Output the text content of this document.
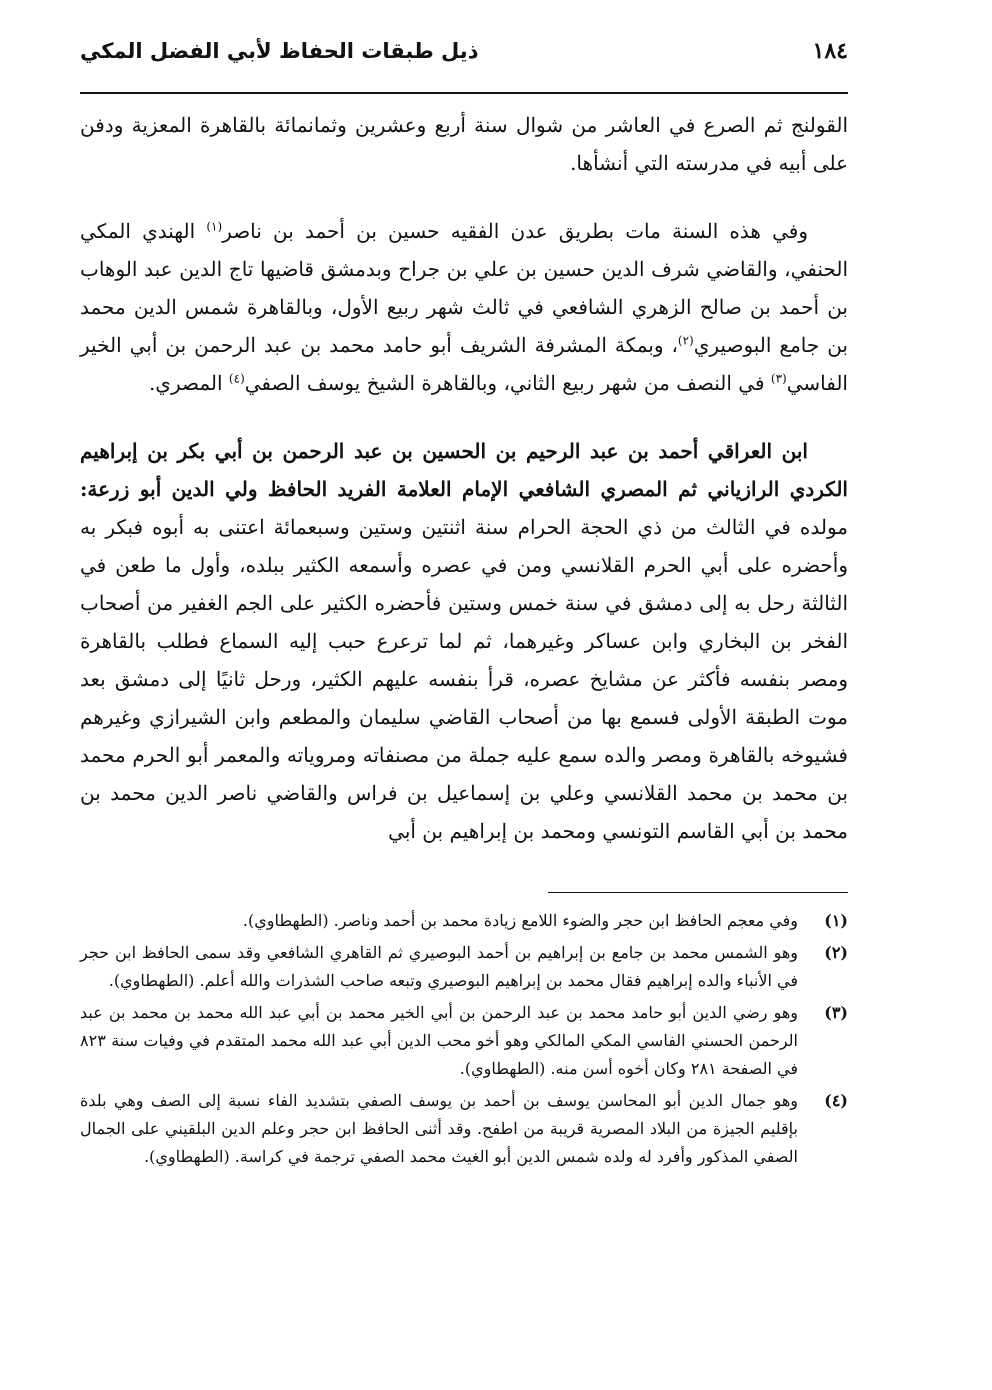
١٨٤
ذيل طبقات الحفاظ لأبي الفضل المكي

القولنج ثم الصرع في العاشر من شوال سنة أربع وعشرين وثمانمائة بالقاهرة المعزية ودفن على أبيه في مدرسته التي أنشأها.

وفي هذه السنة مات بطريق عدن الفقيه حسين بن أحمد بن ناصر$^{(١)}$ الهندي المكي الحنفي، والقاضي شرف الدين حسين بن علي بن جراح وبدمشق قاضيها تاج الدين عبد الوهاب بن أحمد بن صالح الزهري الشافعي في ثالث شهر ربيع الأول، وبالقاهرة شمس الدين محمد بن جامع البوصيري$^{(٢)}$، وبمكة المشرفة الشريف أبو حامد محمد بن عبد الرحمن بن أبي الخير الفاسي$^{(٣)}$ في النصف من شهر ربيع الثاني، وبالقاهرة الشيخ يوسف الصفي$^{(٤)}$ المصري.

ابن العراقي أحمد بن عبد الرحيم بن الحسين بن عبد الرحمن بن أبي بكر بن إبراهيم الكردي الرازياني ثم المصري الشافعي الإمام العلامة الفريد الحافظ ولي الدين أبو زرعة: مولده في الثالث من ذي الحجة الحرام سنة اثنتين وستين وسبعمائة اعتنى به أبوه فبكر به وأحضره على أبي الحرم القلانسي ومن في عصره وأسمعه الكثير ببلده، وأول ما طعن في الثالثة رحل به إلى دمشق في سنة خمس وستين فأحضره الكثير على الجم الغفير من أصحاب الفخر بن البخاري وابن عساكر وغيرهما، ثم لما ترعرع حبب إليه السماع فطلب بالقاهرة ومصر بنفسه فأكثر عن مشايخ عصره، قرأ بنفسه عليهم الكثير، ورحل ثانيًا إلى دمشق بعد موت الطبقة الأولى فسمع بها من أصحاب القاضي سليمان والمطعم وابن الشيرازي وغيرهم فشيوخه بالقاهرة ومصر والده سمع عليه جملة من مصنفاته ومروياته والمعمر أبو الحرم محمد بن محمد بن محمد القلانسي وعلي بن إسماعيل بن فراس والقاضي ناصر الدين محمد بن محمد بن أبي القاسم التونسي ومحمد بن إبراهيم بن أبي

(١)
وفي معجم الحافظ ابن حجر والضوء اللامع زيادة محمد بن أحمد وناصر. (الطهطاوي).
(٢)
وهو الشمس محمد بن جامع بن إبراهيم بن أحمد البوصيري ثم القاهري الشافعي وقد سمى الحافظ ابن حجر في الأنباء والده إبراهيم فقال محمد بن إبراهيم البوصيري وتبعه صاحب الشذرات والله أعلم. (الطهطاوي).
(٣)
وهو رضي الدين أبو حامد محمد بن عبد الرحمن بن أبي الخير محمد بن أبي عبد الله محمد بن محمد بن عبد الرحمن الحسني الفاسي المكي المالكي وهو أخو محب الدين أبي عبد الله محمد المتقدم في وفيات سنة ٨٢٣ في الصفحة ٢٨١ وكان أخوه أسن منه. (الطهطاوي).
(٤)
وهو جمال الدين أبو المحاسن يوسف بن أحمد بن يوسف الصفي بتشديد الفاء نسبة إلى الصف وهي بلدة بإقليم الجيزة من البلاد المصرية قريبة من اطفح. وقد أثنى الحافظ ابن حجر وعلم الدين البلقيني على الجمال الصفي المذكور وأفرد له ولده شمس الدين أبو الغيث محمد الصفي ترجمة في كراسة. (الطهطاوي).
